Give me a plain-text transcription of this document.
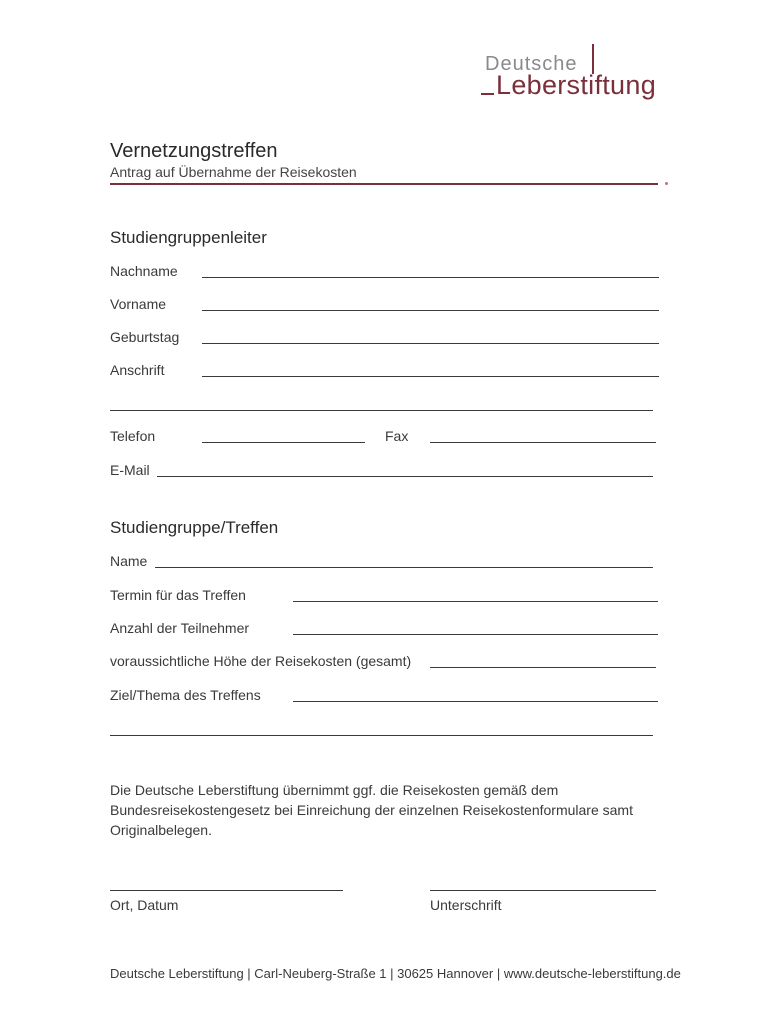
Deutsche
Leberstiftung
Vernetzungstreffen
Antrag auf Übernahme der Reisekosten
Studiengruppenleiter
Nachname
Vorname
Geburtstag
Anschrift
Telefon	Fax
E-Mail
Studiengruppe/Treffen
Name
Termin für das Treffen
Anzahl der Teilnehmer
voraussichtliche Höhe der Reisekosten (gesamt)
Ziel/Thema des Treffens
Die Deutsche Leberstiftung übernimmt ggf. die Reisekosten gemäß dem Bundesreisekostengesetz bei Einreichung der einzelnen Reisekostenformulare samt Originalbelegen.
Ort, Datum	Unterschrift
Deutsche Leberstiftung | Carl-Neuberg-Straße 1 | 30625 Hannover | www.deutsche-leberstiftung.de
